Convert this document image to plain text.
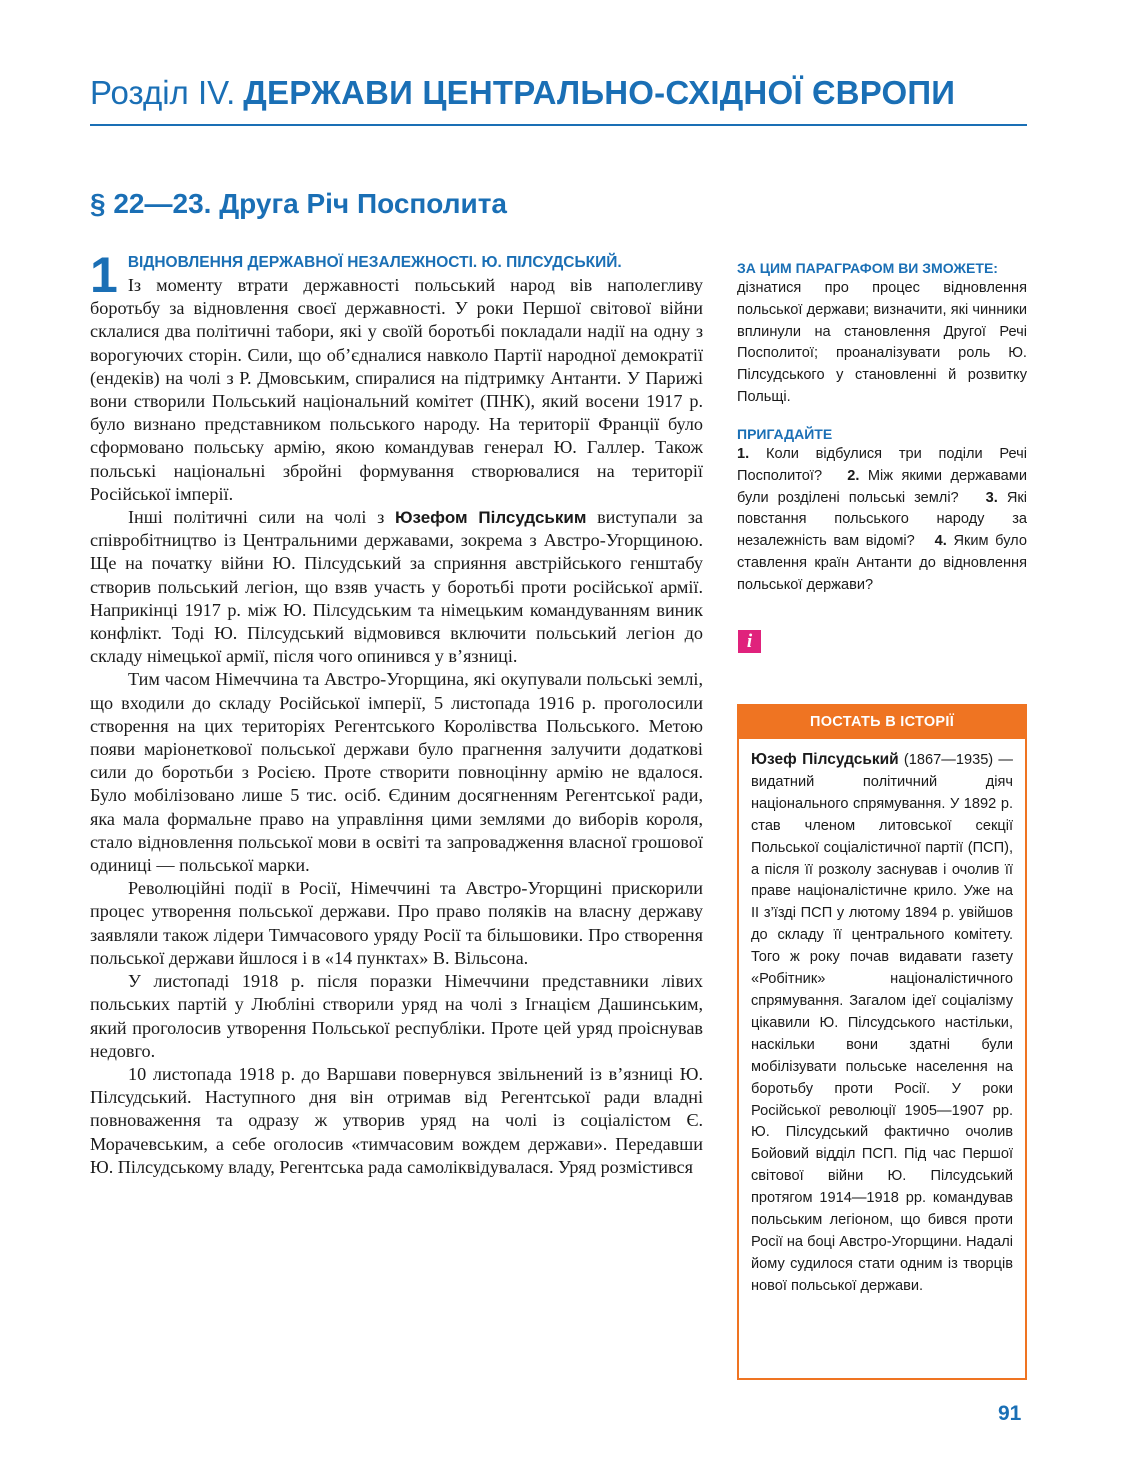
Розділ IV. ДЕРЖАВИ ЦЕНТРАЛЬНО-СХІДНОЇ ЄВРОПИ
§ 22—23. Друга Річ Посполита

1 ВІДНОВЛЕННЯ ДЕРЖАВНОЇ НЕЗАЛЕЖНОСТІ. Ю. ПІЛСУДСЬКИЙ.
Із моменту втрати державності польський народ вів наполегливу боротьбу за відновлення своєї державності. У роки Першої світової війни склалися два політичні табори, які у своїй боротьбі покладали надії на одну з ворогуючих сторін. Сили, що об’єдналися навколо Партії народної демократії (ендеків) на чолі з Р. Дмовським, спиралися на підтримку Антанти. У Парижі вони створили Польський національний комітет (ПНК), який восени 1917 р. було визнано представником польського народу. На території Франції було сформовано польську армію, якою командував генерал Ю. Галлер. Також польські національні збройні формування створювалися на території Російської імперії.

Інші політичні сили на чолі з Юзефом Пілсудським виступали за співробітництво із Центральними державами, зокрема з Австро-Угорщиною. Ще на початку війни Ю. Пілсудський за сприяння австрійського генштабу створив польський легіон, що взяв участь у боротьбі проти російської армії. Наприкінці 1917 р. між Ю. Пілсудським та німецьким командуванням виник конфлікт. Тоді Ю. Пілсудський відмовився включити польський легіон до складу німецької армії, після чого опинився у в’язниці.

Тим часом Німеччина та Австро-Угорщина, які окупували польські землі, що входили до складу Російської імперії, 5 листопада 1916 р. проголосили створення на цих територіях Регентського Королівства Польського. Метою появи маріонеткової польської держави було прагнення залучити додаткові сили до боротьби з Росією. Проте створити повноцінну армію не вдалося. Було мобілізовано лише 5 тис. осіб. Єдиним досягненням Регентської ради, яка мала формальне право на управління цими землями до виборів короля, стало відновлення польської мови в освіті та запровадження власної грошової одиниці — польської марки.

Революційні події в Росії, Німеччині та Австро-Угорщині прискорили процес утворення польської держави. Про право поляків на власну державу заявляли також лідери Тимчасового уряду Росії та більшовики. Про створення польської держави йшлося і в «14 пунктах» В. Вільсона.

У листопаді 1918 р. після поразки Німеччини представники лівих польських партій у Любліні створили уряд на чолі з Ігнацієм Дашинським, який проголосив утворення Польської республіки. Проте цей уряд проіснував недовго.

10 листопада 1918 р. до Варшави повернувся звільнений із в’язниці Ю. Пілсудський. Наступного дня він отримав від Регентської ради владні повноваження та одразу ж утворив уряд на чолі із соціалістом Є. Морачевським, а себе оголосив «тимчасовим вождем держави». Передавши Ю. Пілсудському владу, Регентська рада самоліквідувалася. Уряд розмістився

ЗА ЦИМ ПАРАГРАФОМ ВИ ЗМОЖЕТЕ:

дізнатися про процес відновлення польської держави; визначити, які чинники вплинули на становлення Другої Речі Посполитої; проаналізувати роль Ю. Пілсудського у становленні й розвитку Польщі.

ПРИГАДАЙТЕ

1. Коли відбулися три поділи Речі Посполитої? 2. Між якими державами були розділені польські землі? 3. Які повстання польського народу за незалежність вам відомі? 4. Яким було ставлення країн Антанти до відновлення польської держави?

i
ПОСТАТЬ В ІСТОРІЇ
Юзеф Пілсудський (1867—1935) — видатний політичний діяч національного спрямування. У 1892 р. став членом литовської секції Польської соціалістичної партії (ПСП), а після її розколу заснував і очолив її праве націоналістичне крило. Уже на II з’їзді ПСП у лютому 1894 р. увійшов до складу її центрального комітету. Того ж року почав видавати газету «Робітник» націоналістичного спрямування. Загалом ідеї соціалізму цікавили Ю. Пілсудського настільки, наскільки вони здатні були мобілізувати польське населення на боротьбу проти Росії. У роки Російської революції 1905—1907 рр. Ю. Пілсудський фактично очолив Бойовий відділ ПСП. Під час Першої світової війни Ю. Пілсудський протягом 1914—1918 рр. командував польським легіоном, що бився проти Росії на боці Австро-Угорщини. Надалі йому судилося стати одним із творців нової польської держави.
91
